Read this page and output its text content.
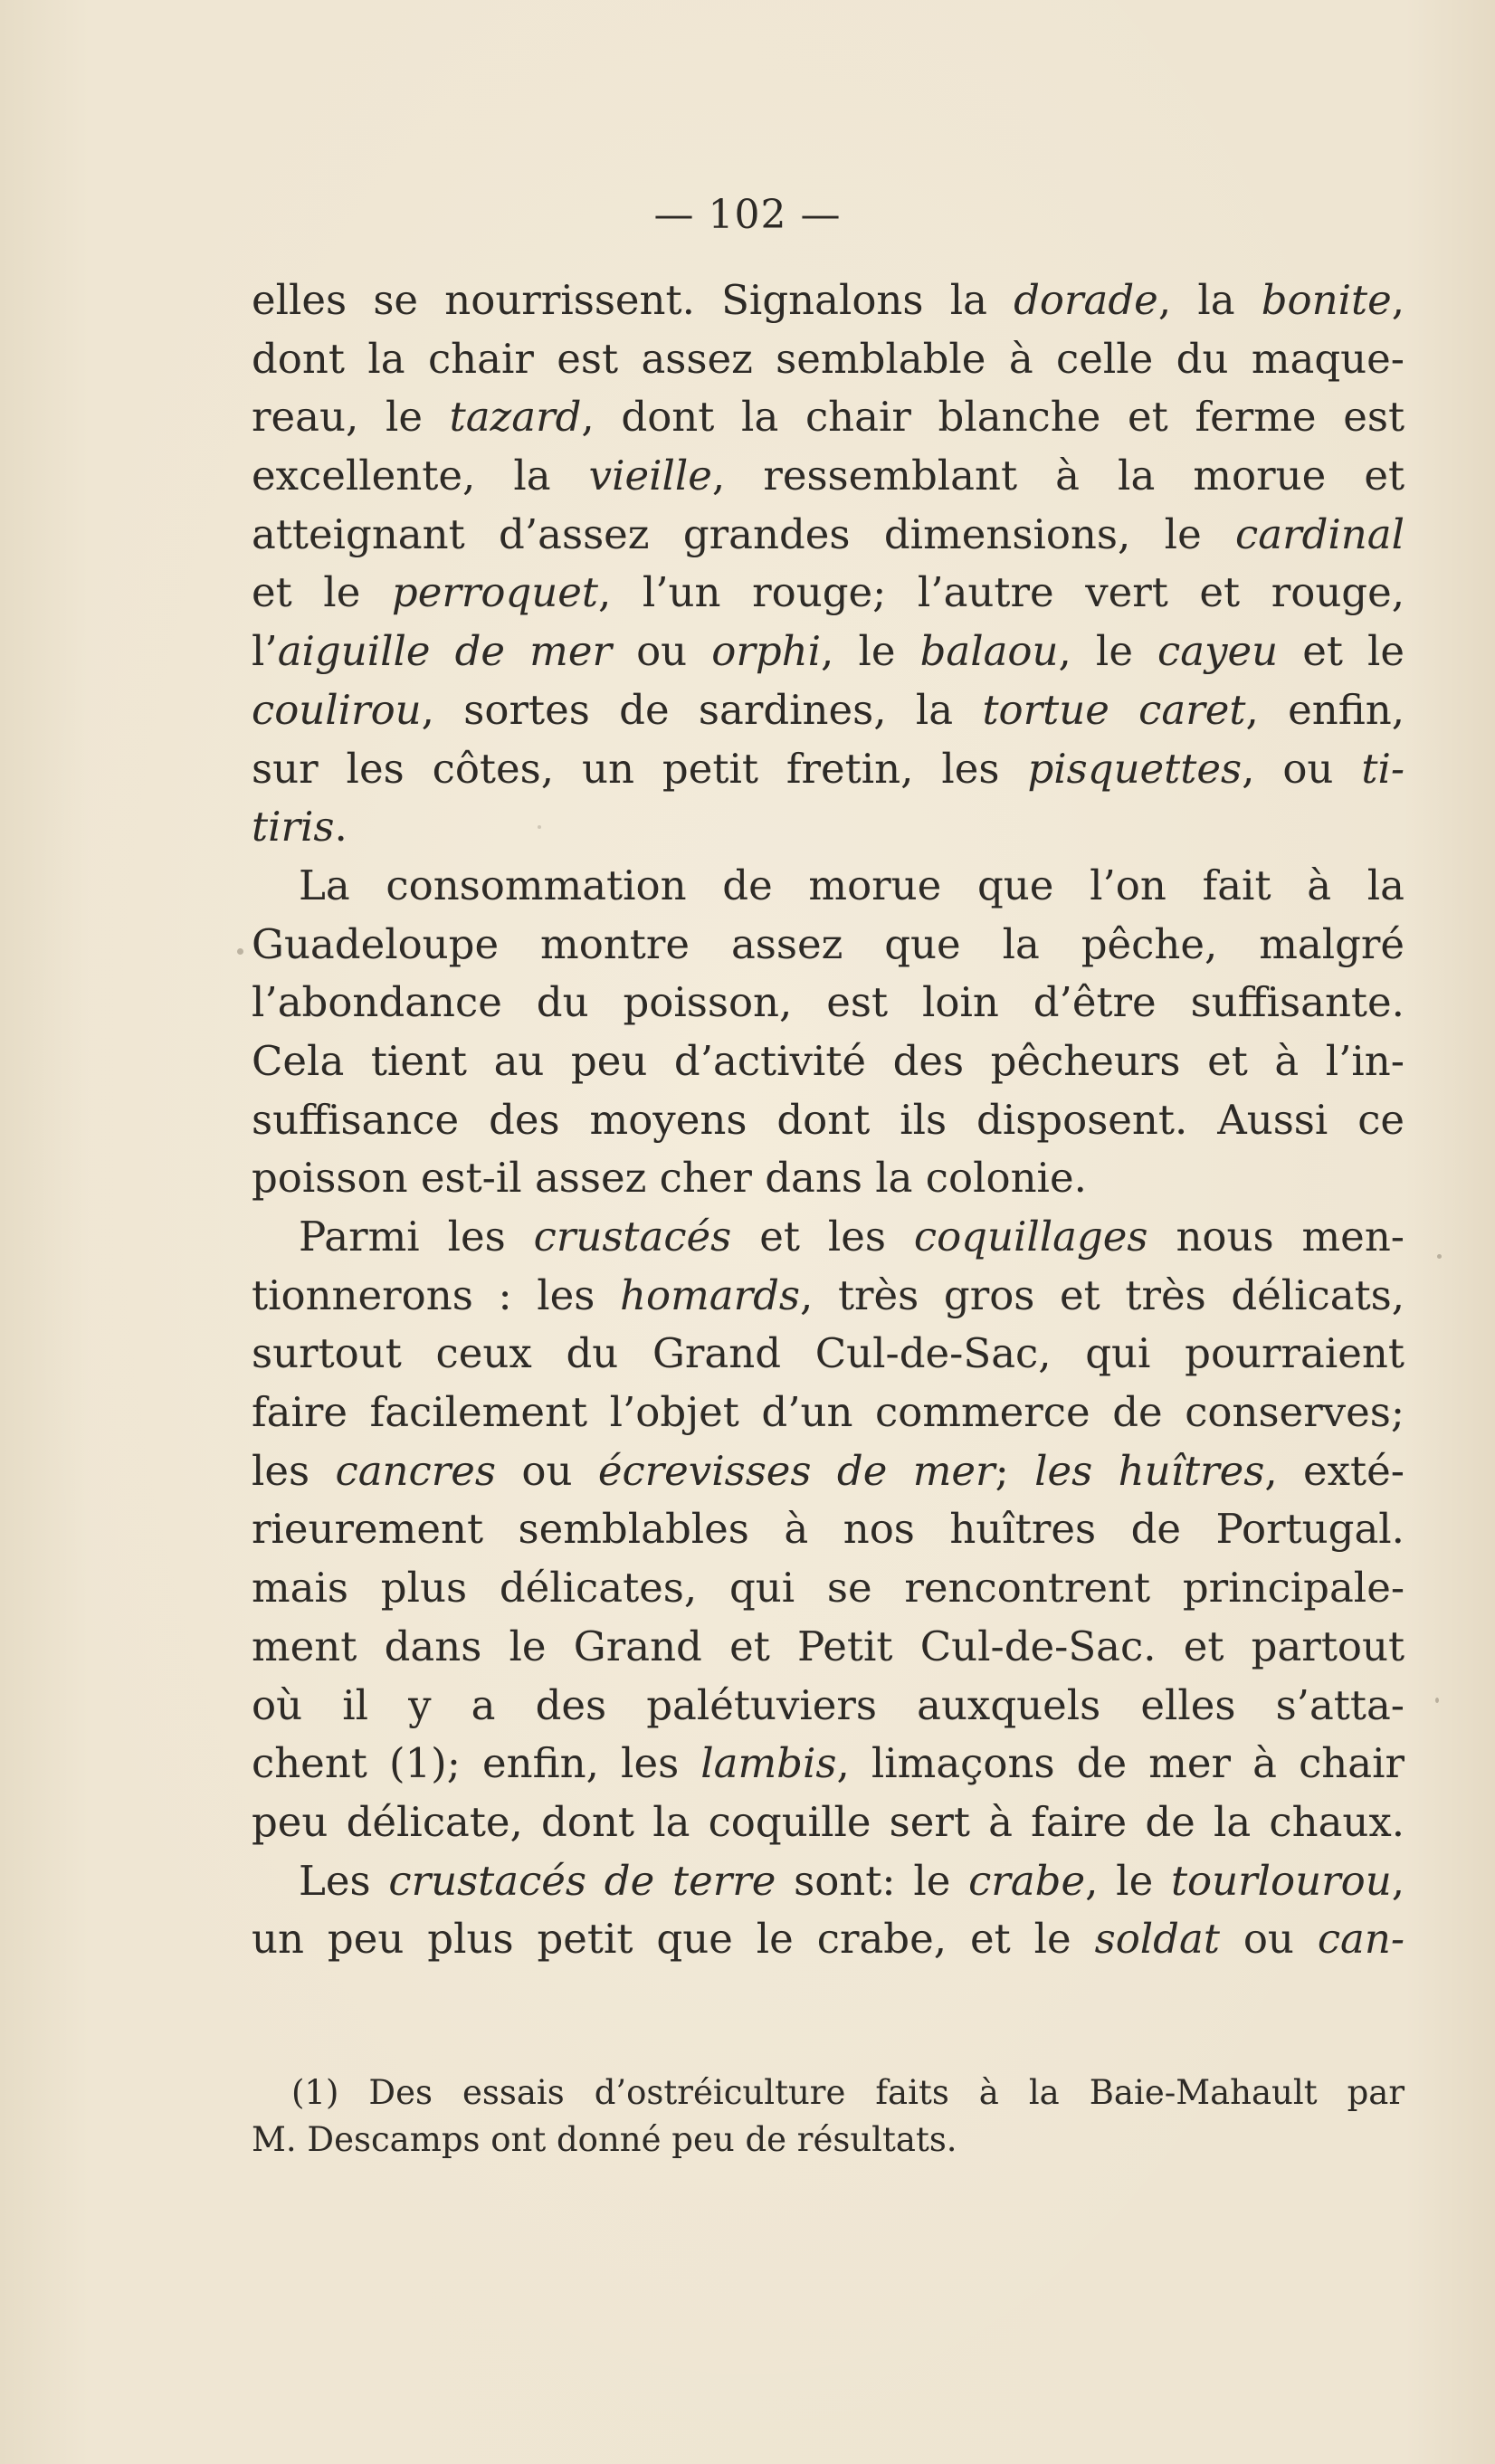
— 102 —
elles se nourrissent. Signalons la dorade , la bonite ,
dont la chair est assez semblable à celle du maque-
reau, le tazard , dont la chair blanche et ferme est
excellente, la vieille , ressemblant à la morue et
atteignant d’assez grandes dimensions, le cardinal
et le perroquet , l’un rouge; l’autre vert et rouge,
l’ aiguille de mer ou orphi , le balaou , le cayeu et le
coulirou , sortes de sardines, la tortue caret , enfin,
sur les côtes, un petit fretin, les pisquettes , ou ti-
tiris.
La consommation de morue que l’on fait à la
Guadeloupe montre assez que la pêche, malgré
l’abondance du poisson, est loin d’être suffisante.
Cela tient au peu d’activité des pêcheurs et à l’in-
suffisance des moyens dont ils disposent. Aussi ce
poisson est-il assez cher dans la colonie.
Parmi les crustacés et les coquillages nous men-
tionnerons : les homards , très gros et très délicats,
surtout ceux du Grand Cul-de-Sac, qui pourraient
faire facilement l’objet d’un commerce de conserves;
les cancres ou écrevisses de mer ; les huîtres , exté-
rieurement semblables à nos huîtres de Portugal.
mais plus délicates, qui se rencontrent principale-
ment dans le Grand et Petit Cul-de-Sac. et partout
où il y a des palétuviers auxquels elles s’atta-
chent (1); enfin, les lambis , limaçons de mer à chair
peu délicate, dont la coquille sert à faire de la chaux.
Les crustacés de terre sont: le crabe , le tourlourou ,
un peu plus petit que le crabe, et le soldat ou can-
(1) Des essais d’ostréiculture faits à la Baie-Mahault par
M. Descamps ont donné peu de résultats.
